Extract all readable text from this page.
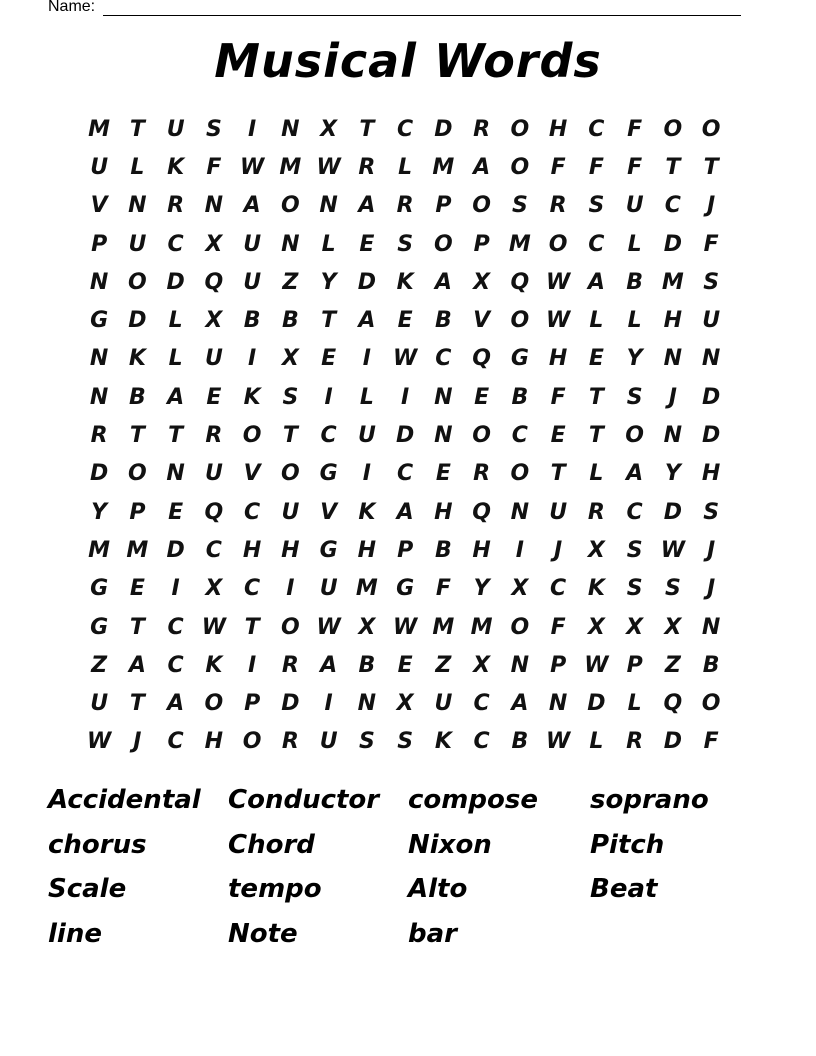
Name:
Musical Words
M T U S	I	N X	T	C D R O H C	F O O
U	L	K	F W M W R	L M A O F	F	F	T	T
V N R N A O N A R P O S R S U C	J
P U C X U N	L	E	S O P M O C	L	D F
N O D Q U Z	Y D K A X Q W A B M S
G D	L	X B B	T	A	E	B V O W L	L	H U
N K	L	U	I	X	E	I	W C Q G H E	Y N N
N B A	E	K S	I	L	I	N E	B	F	T	S	J	D
R	T	T	R O T	C U D N O C	E	T O N D
D O N U V O G	I	C	E	R O T	L	A Y H
Y	P	E Q C U V K A H Q N U R C D S
M M D C H H G H P B H	I	J	X S W	J
G E	I	X C	I	U M G F	Y X C K S	S	J
G T	C W T O W X W M M O F	X X X N
Z A C K	I	R A B	E	Z X N P W P	Z B
U T	A O P D	I	N X U C A N D	L Q O
W	J	C H O R U S	S K C B W L	R D F
Accidental	Conductor	compose	soprano
chorus	Chord	Nixon	Pitch
Scale	tempo	Alto	Beat
line	Note	bar
